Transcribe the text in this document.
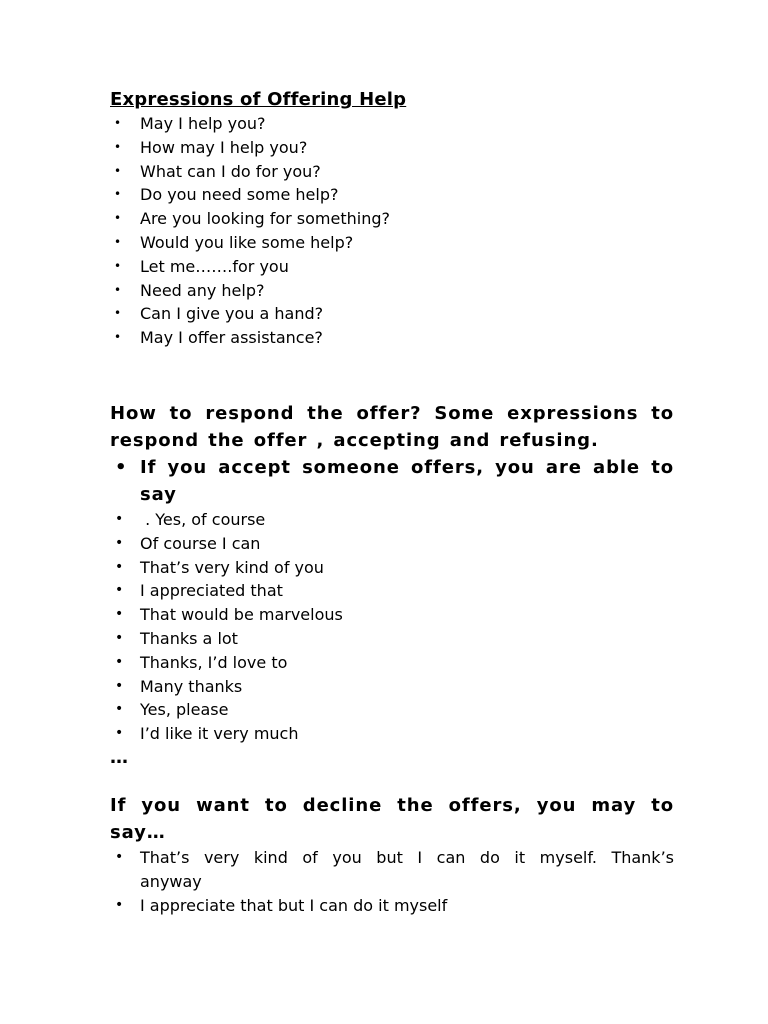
Expressions of Offering Help
• May I help you?
• How may I help you?
• What can I do for you?
• Do you need some help?
• Are you looking for something?
• Would you like some help?
• Let me…….for you
• Need any help?
• Can I give you a hand?
• May I offer assistance?

How to respond the offer? Some expressions to

respond the offer , accepting and refusing.

• If you accept someone offers, you are able to
say
• . Yes, of course
• Of course I can
• That’s very kind of you
• I appreciated that
• That would be marvelous
• Thanks a lot
• Thanks, I’d love to
• Many thanks
• Yes, please
• I’d like it very much

…

If you want to decline the offers, you may to

say…

• That’s very kind of you but I can do it myself. Thank’s
anyway
• I appreciate that but I can do it myself
